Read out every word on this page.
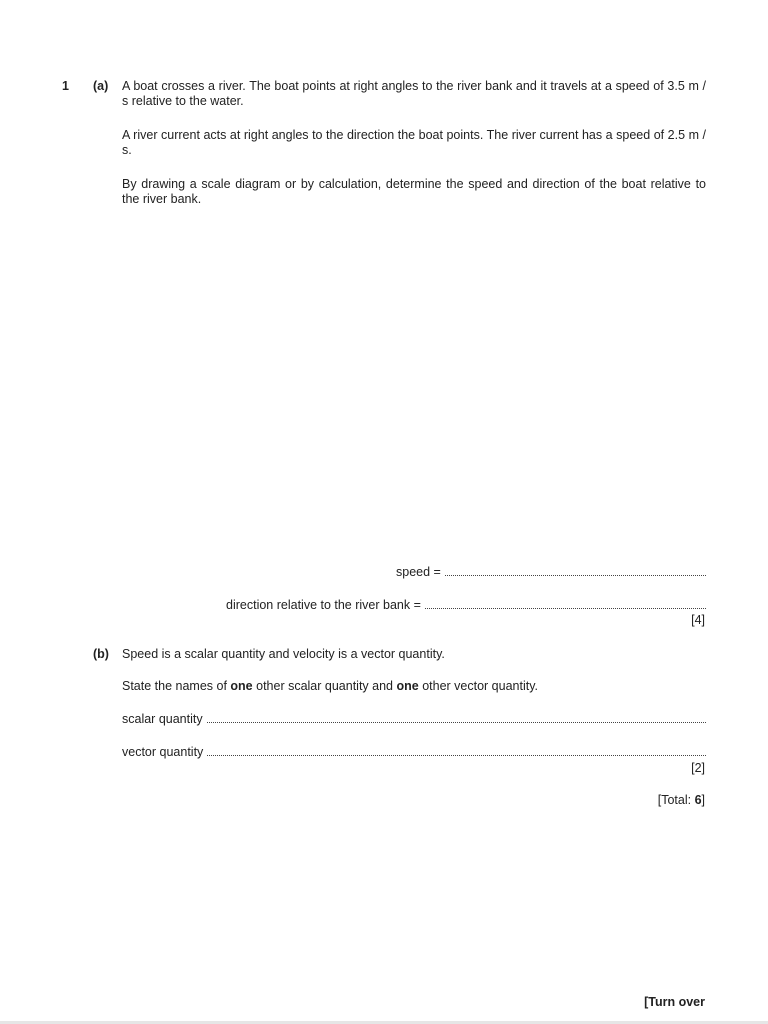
1 (a) A boat crosses a river. The boat points at right angles to the river bank and it travels at a speed of 3.5 m / s relative to the water.
A river current acts at right angles to the direction the boat points. The river current has a speed of 2.5 m / s.
By drawing a scale diagram or by calculation, determine the speed and direction of the boat relative to the river bank.
speed =
direction relative to the river bank =
[4]
(b) Speed is a scalar quantity and velocity is a vector quantity.
State the names of one other scalar quantity and one other vector quantity.
scalar quantity
vector quantity
[2]
[Total: 6]
[Turn over
